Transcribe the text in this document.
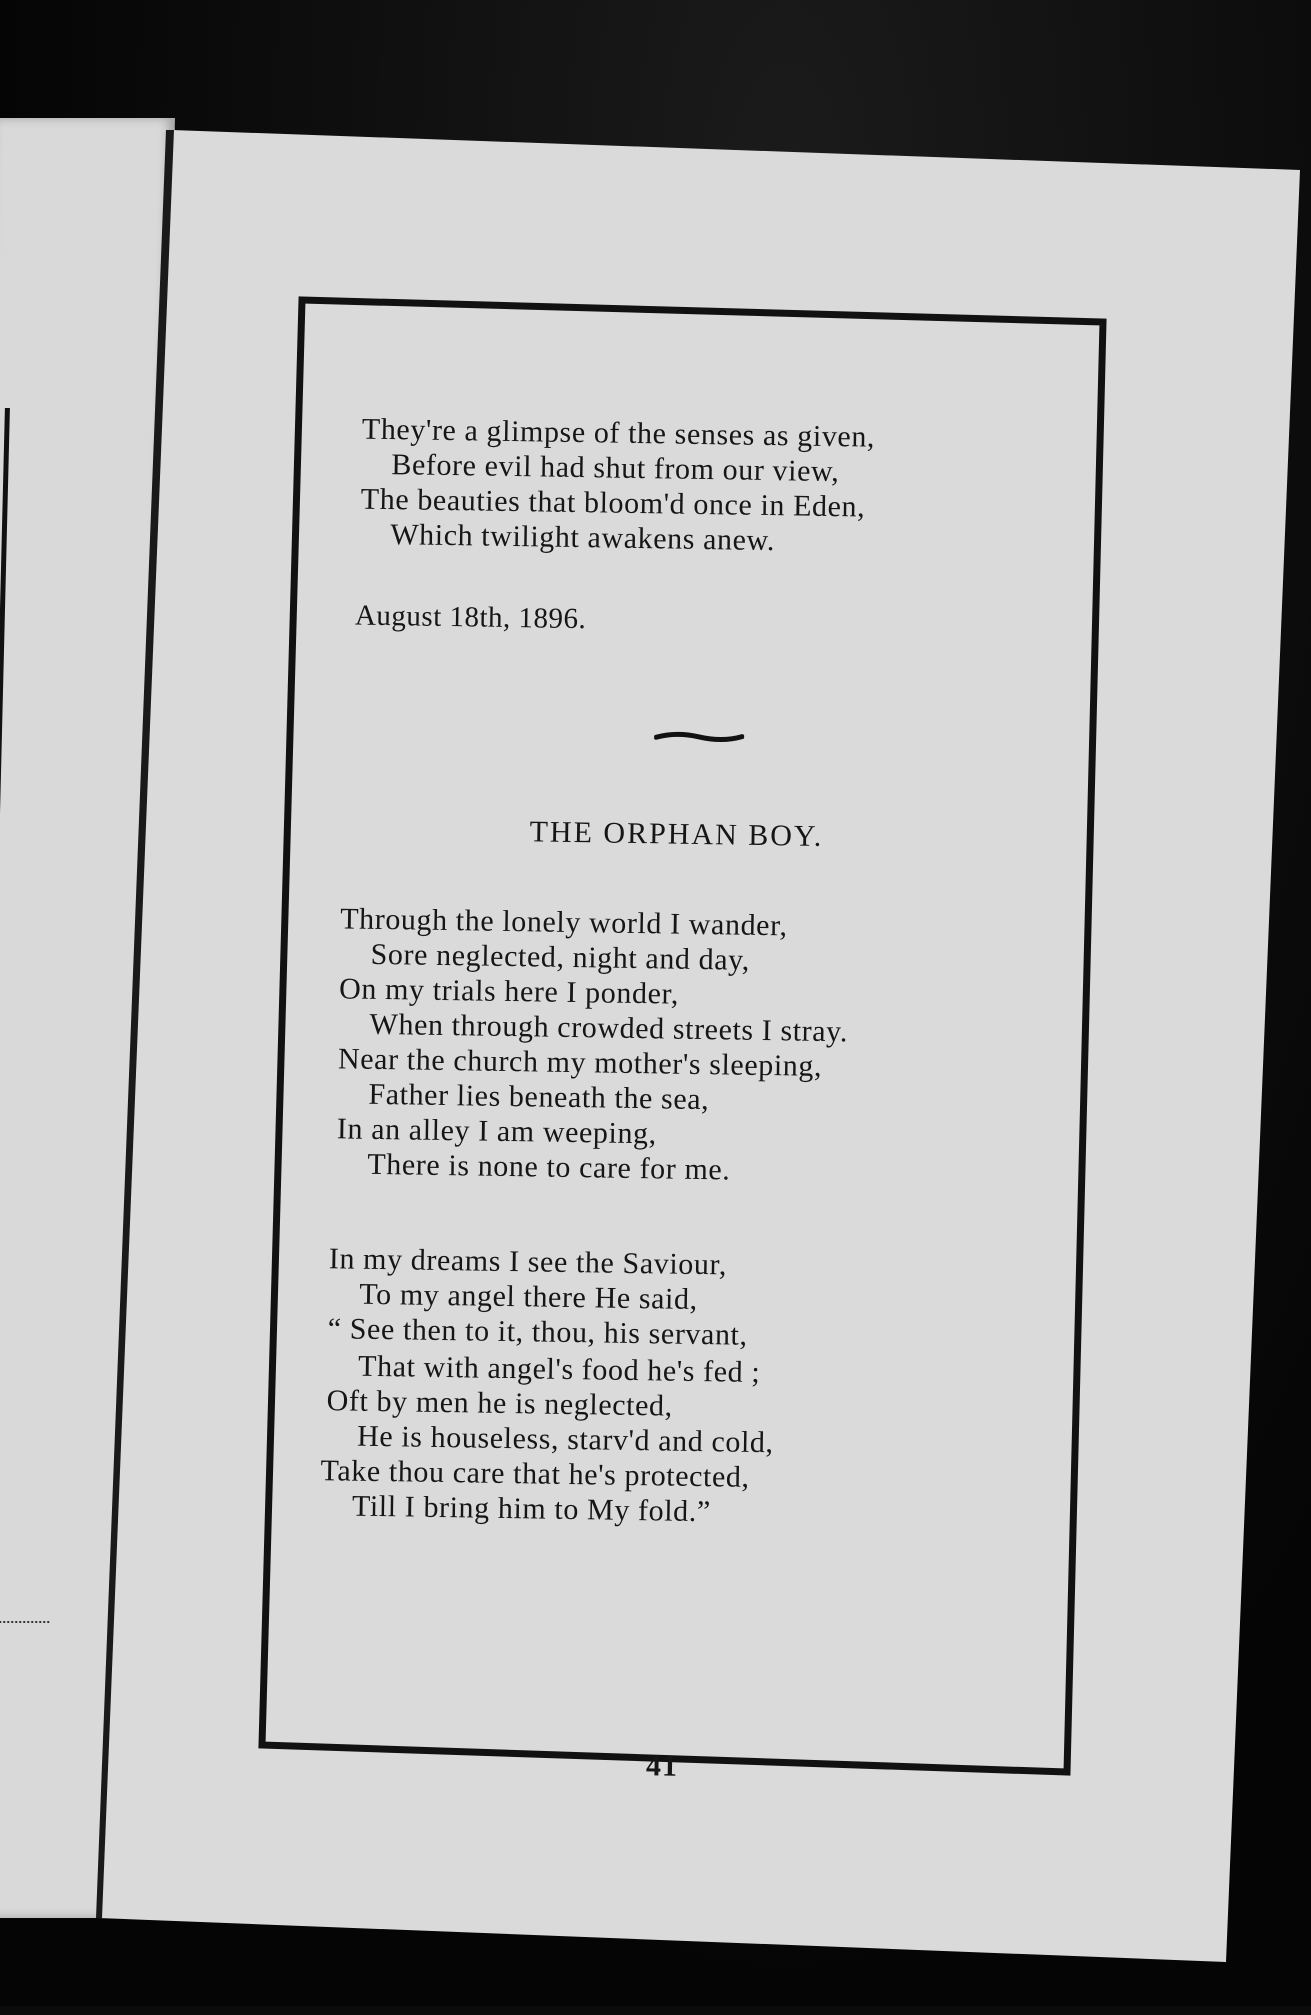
They're a glimpse of the senses as given,
Before evil had shut from our view,
The beauties that bloom'd once in Eden,
Which twilight awakens anew.
August 18th, 1896.
THE ORPHAN BOY.
Through the lonely world I wander,
Sore neglected, night and day,
On my trials here I ponder,
When through crowded streets I stray.
Near the church my mother's sleeping,
Father lies beneath the sea,
In an alley I am weeping,
There is none to care for me.
In my dreams I see the Saviour,
To my angel there He said,
“ See then to it, thou, his servant,
That with angel's food he's fed ;
Oft by men he is neglected,
He is houseless, starv'd and cold,
Take thou care that he's protected,
Till I bring him to My fold.”
41
